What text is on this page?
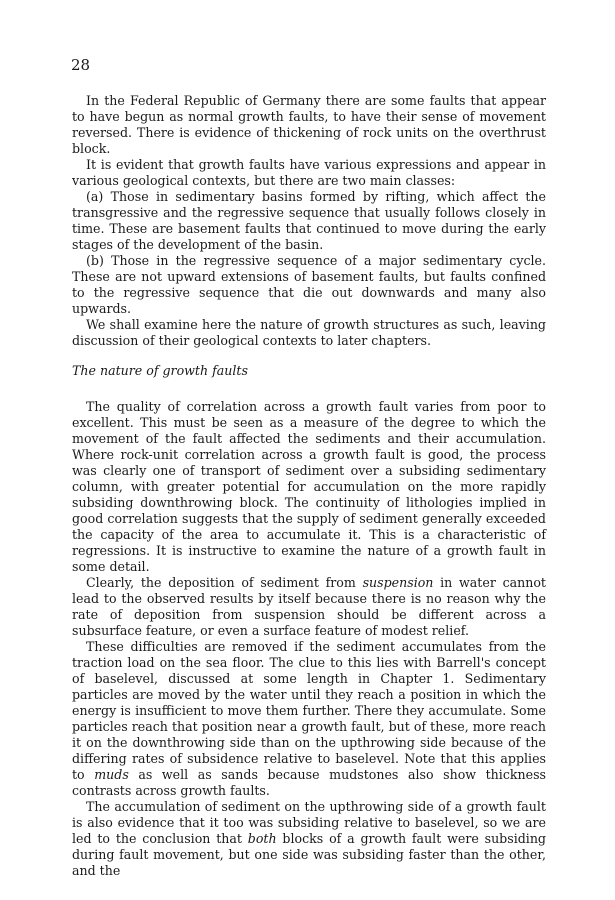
28

In the Federal Republic of Germany there are some faults that appear to have begun as normal growth faults, to have their sense of movement reversed. There is evidence of thickening of rock units on the overthrust block.

It is evident that growth faults have various expressions and appear in various geological contexts, but there are two main classes:

(a) Those in sedimentary basins formed by rifting, which affect the transgressive and the regressive sequence that usually follows closely in time. These are basement faults that continued to move during the early stages of the development of the basin.

(b) Those in the regressive sequence of a major sedimentary cycle. These are not upward extensions of basement faults, but faults confined to the regressive sequence that die out downwards and many also upwards.

We shall examine here the nature of growth structures as such, leaving discussion of their geological contexts to later chapters.

The nature of growth faults

The quality of correlation across a growth fault varies from poor to excellent. This must be seen as a measure of the degree to which the movement of the fault affected the sediments and their accumulation. Where rock-unit correlation across a growth fault is good, the process was clearly one of transport of sediment over a subsiding sedimentary column, with greater potential for accumulation on the more rapidly subsiding downthrowing block. The continuity of lithologies implied in good correlation suggests that the supply of sediment generally exceeded the capacity of the area to accumulate it. This is a characteristic of regressions. It is instructive to examine the nature of a growth fault in some detail.

Clearly, the deposition of sediment from suspension in water cannot lead to the observed results by itself because there is no reason why the rate of deposition from suspension should be different across a subsurface feature, or even a surface feature of modest relief.

These difficulties are removed if the sediment accumulates from the traction load on the sea floor. The clue to this lies with Barrell's concept of baselevel, discussed at some length in Chapter 1. Sedimentary particles are moved by the water until they reach a position in which the energy is insufficient to move them further. There they accumulate. Some particles reach that position near a growth fault, but of these, more reach it on the downthrowing side than on the upthrowing side because of the differing rates of subsidence relative to baselevel. Note that this applies to muds as well as sands because mudstones also show thickness contrasts across growth faults.

The accumulation of sediment on the upthrowing side of a growth fault is also evidence that it too was subsiding relative to baselevel, so we are led to the conclusion that both blocks of a growth fault were subsiding during fault movement, but one side was subsiding faster than the other, and the
